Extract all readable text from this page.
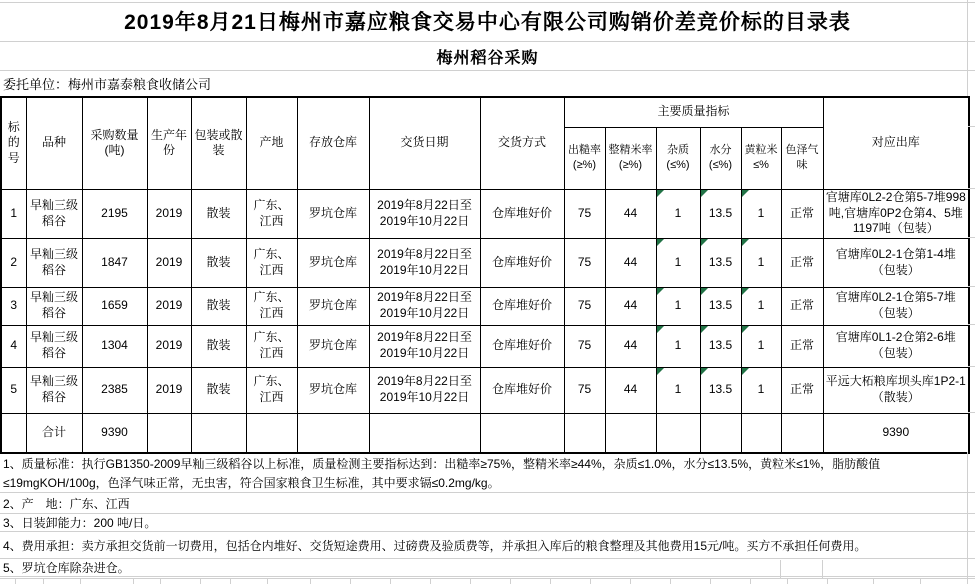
2019年8月21日梅州市嘉应粮食交易中心有限公司购销价差竞价标的目录表
梅州稻谷采购
委托单位：梅州市嘉泰粮食收储公司
标的号	品种	采购数量(吨)	生产年份	包装或散装	产地	存放仓库	交货日期	交货方式	主要质量指标						对应出库
									出糙率(≥%)	整精米率(≥%)	杂质(≤%)	水分(≤%)	黄粒米≤%	色泽气味	
1	早籼三级稻谷	2195	2019	散装	广东、江西	罗坑仓库	2019年8月22日至2019年10月22日	仓库堆好价	75	44	1	13.5	1	正常	官塘库0L2-2仓第5-7堆998吨,官塘库0P2仓第4、5堆1197吨（包装）
2	早籼三级稻谷	1847	2019	散装	广东、江西	罗坑仓库	2019年8月22日至2019年10月22日	仓库堆好价	75	44	1	13.5	1	正常	官塘库0L2-1仓第1-4堆（包装）
3	早籼三级稻谷	1659	2019	散装	广东、江西	罗坑仓库	2019年8月22日至2019年10月22日	仓库堆好价	75	44	1	13.5	1	正常	官塘库0L2-1仓第5-7堆（包装）
4	早籼三级稻谷	1304	2019	散装	广东、江西	罗坑仓库	2019年8月22日至2019年10月22日	仓库堆好价	75	44	1	13.5	1	正常	官塘库0L1-2仓第2-6堆（包装）
5	早籼三级稻谷	2385	2019	散装	广东、江西	罗坑仓库	2019年8月22日至2019年10月22日	仓库堆好价	75	44	1	13.5	1	正常	平远大柘粮库坝头库1P2-1（散装）
	合计	9390													9390
1、质量标准：执行GB1350-2009早籼三级稻谷以上标准，质量检测主要指标达到：出糙率≥75%，整精米率≥44%，杂质≤1.0%，水分≤13.5%，黄粒米≤1%，脂肪酸值≤19mgKOH/100g，色泽气味正常，无虫害，符合国家粮食卫生标准，其中要求镉≤0.2mg/kg。
2、产　地：广东、江西
3、日装卸能力：200 吨/日。
4、费用承担：卖方承担交货前一切费用，包括仓内堆好、交货短途费用、过磅费及验质费等，并承担入库后的粮食整理及其他费用15元/吨。买方不承担任何费用。
5、罗坑仓库除杂进仓。
